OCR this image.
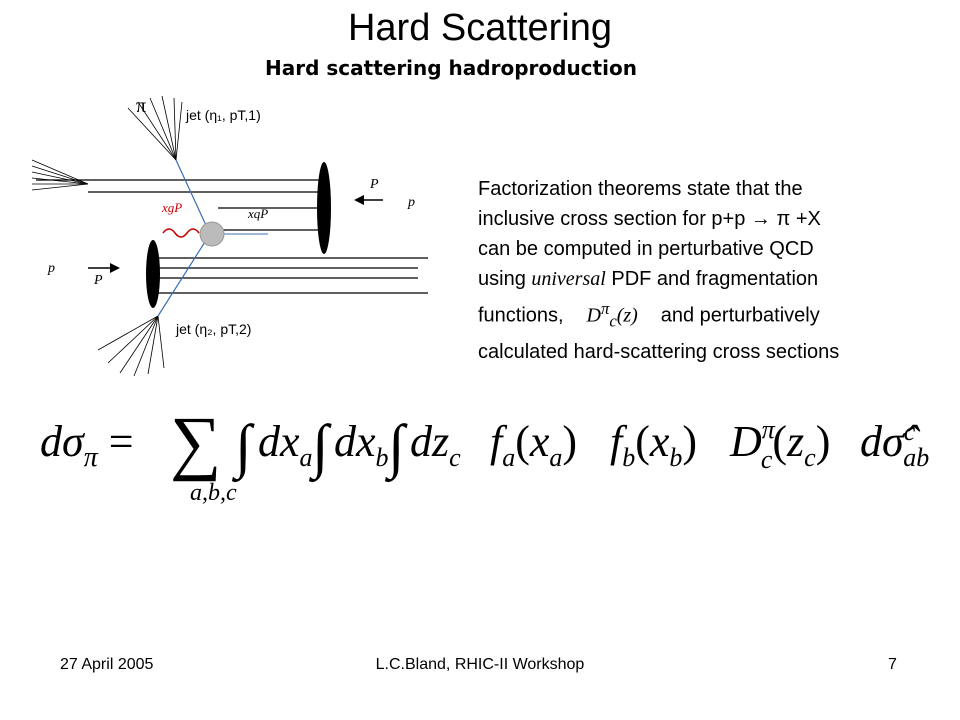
Hard Scattering
Hard scattering hadroproduction
π	jet (η₁, pT,1)
jet (η₂, pT,2)
P
p⃗
P
p⃗
xgP	xqP
Factorization theorems state that the
inclusive cross section for p+p → π +X
can be computed in perturbative QCD
using universal PDF and fragmentation
functions, $D^\pi_c(z)$ and perturbatively
calculated hard-scattering cross sections
$d\sigma_\pi$ = ∑ ∫ $dx_a$ ∫ $dx_b$ ∫ $dz_c$ $f_a(x_a)$ $f_b(x_b)$ $D^\pi$ $c(z_c)$ dσ̂$^c$ ab
a,b,c
27 April 2005	L.C.Bland, RHIC-II Workshop	7
